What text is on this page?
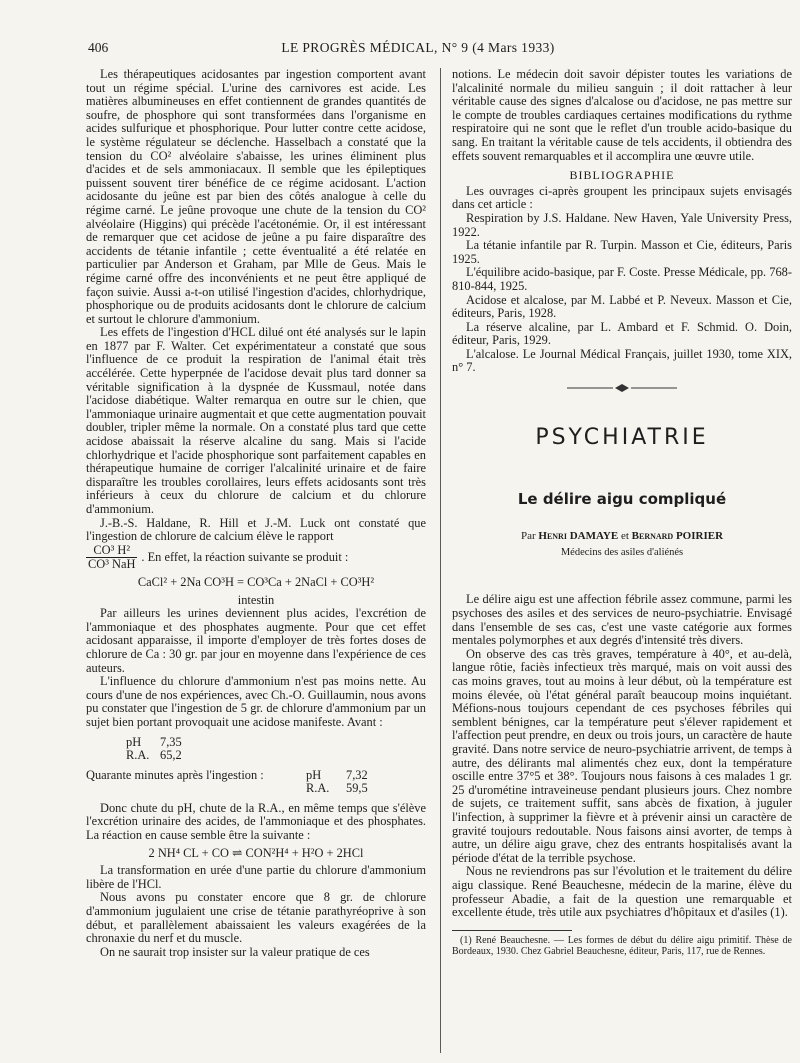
406	LE PROGRÈS MÉDICAL, N° 9 (4 Mars 1933)

Les thérapeutiques acidosantes par ingestion comportent avant tout un régime spécial. L'urine des carnivores est acide. Les matières albumineuses en effet contiennent de grandes quantités de soufre, de phosphore qui sont transformées dans l'organisme en acides sulfurique et phosphorique. Pour lutter contre cette acidose, le système régulateur se déclenche. Hasselbach a constaté que la tension du CO² alvéolaire s'abaisse, les urines éliminent plus d'acides et de sels ammoniacaux. Il semble que les épileptiques puissent souvent tirer bénéfice de ce régime acidosant. L'action acidosante du jeûne est par bien des côtés analogue à celle du régime carné. Le jeûne provoque une chute de la tension du CO² alvéolaire (Higgins) qui précède l'acétonémie. Or, il est intéressant de remarquer que cet acidose de jeûne a pu faire disparaître des accidents de tétanie infantile ; cette éventualité a été relatée en particulier par Anderson et Graham, par Mlle de Geus. Mais le régime carné offre des inconvénients et ne peut être appliqué de façon suivie. Aussi a-t-on utilisé l'ingestion d'acides, chlorhydrique, phosphorique ou de produits acidosants dont le chlorure de calcium et surtout le chlorure d'ammonium.

Les effets de l'ingestion d'HCL dilué ont été analysés sur le lapin en 1877 par F. Walter. Cet expérimentateur a constaté que sous l'influence de ce produit la respiration de l'animal était très accélérée. Cette hyperpnée de l'acidose devait plus tard donner sa véritable signification à la dyspnée de Kussmaul, notée dans l'acidose diabétique. Walter remarqua en outre sur le chien, que l'ammoniaque urinaire augmentait et que cette augmentation pouvait doubler, tripler même la normale. On a constaté plus tard que cette acidose abaissait la réserve alcaline du sang. Mais si l'acide chlorhydrique et l'acide phosphorique sont parfaitement capables en thérapeutique humaine de corriger l'alcalinité urinaire et de faire disparaître les troubles corollaires, leurs effets acidosants sont très inférieurs à ceux du chlorure de calcium et du chlorure d'ammonium.

J.-B.-S. Haldane, R. Hill et J.-M. Luck ont constaté que l'ingestion de chlorure de calcium élève le rapport

$\frac{\text{CO³ H²}}{\text{CO³ NaH}}$ . En effet, la réaction suivante se produit :

CaCl² + 2Na CO³H = CO³Ca + 2NaCl + CO³H²

intestin

Par ailleurs les urines deviennent plus acides, l'excrétion de l'ammoniaque et des phosphates augmente. Pour que cet effet acidosant apparaisse, il importe d'employer de très fortes doses de chlorure de Ca : 30 gr. par jour en moyenne dans l'expérience de ces auteurs.

L'influence du chlorure d'ammonium n'est pas moins nette. Au cours d'une de nos expériences, avec Ch.-O. Guillaumin, nous avons pu constater que l'ingestion de 5 gr. de chlorure d'ammonium par un sujet bien portant provoquait une acidose manifeste. Avant :

pH	7,35
R.A. 65,2
Quarante minutes après l'ingestion :	pH	7,32
R.A.	59,5

Donc chute du pH, chute de la R.A., en même temps que s'élève l'excrétion urinaire des acides, de l'ammoniaque et des phosphates. La réaction en cause semble être la suivante :

2 NH⁴ CL + CO ⇌ CON²H⁴ + H²O + 2HCl

La transformation en urée d'une partie du chlorure d'ammonium libère de l'HCl.

Nous avons pu constater encore que 8 gr. de chlorure d'ammonium jugulaient une crise de tétanie parathyréoprive à son début, et parallèlement abaissaient les valeurs exagérées de la chronaxie du nerf et du muscle.

On ne saurait trop insister sur la valeur pratique de ces

notions. Le médecin doit savoir dépister toutes les variations de l'alcalinité normale du milieu sanguin ; il doit rattacher à leur véritable cause des signes d'alcalose ou d'acidose, ne pas mettre sur le compte de troubles cardiaques certaines modifications du rythme respiratoire qui ne sont que le reflet d'un trouble acido-basique du sang. En traitant la véritable cause de tels accidents, il obtiendra des effets souvent remarquables et il accomplira une œuvre utile.

BIBLIOGRAPHIE

Les ouvrages ci-après groupent les principaux sujets envisagés dans cet article :

Respiration by J.S. Haldane. New Haven, Yale University Press, 1922.

La tétanie infantile par R. Turpin. Masson et Cie, éditeurs, Paris 1925.

L'équilibre acido-basique, par F. Coste. Presse Médicale, pp. 768-810-844, 1925.

Acidose et alcalose, par M. Labbé et P. Neveux. Masson et Cie, éditeurs, Paris, 1928.

La réserve alcaline, par L. Ambard et F. Schmid. O. Doin, éditeur, Paris, 1929.

L'alcalose. Le Journal Médical Français, juillet 1930, tome XIX, n° 7.

PSYCHIATRIE
Le délire aigu compliqué
Par Henri DAMAYE et Bernard POIRIER
Médecins des asiles d'aliénés

Le délire aigu est une affection fébrile assez commune, parmi les psychoses des asiles et des services de neuro-psychiatrie. Envisagé dans l'ensemble de ses cas, c'est une vaste catégorie aux formes mentales polymorphes et aux degrés d'intensité très divers.

On observe des cas très graves, température à 40°, et au-delà, langue rôtie, faciès infectieux très marqué, mais on voit aussi des cas moins graves, tout au moins à leur début, où la température est moins élevée, où l'état général paraît beaucoup moins inquiétant. Méfions-nous toujours cependant de ces psychoses fébriles qui semblent bénignes, car la température peut s'élever rapidement et l'affection peut prendre, en deux ou trois jours, un caractère de haute gravité. Dans notre service de neuro-psychiatrie arrivent, de temps à autre, des délirants mal alimentés chez eux, dont la température oscille entre 37°5 et 38°. Toujours nous faisons à ces malades 1 gr. 25 d'urométine intraveineuse pendant plusieurs jours. Chez nombre de sujets, ce traitement suffit, sans abcès de fixation, à juguler l'infection, à supprimer la fièvre et à prévenir ainsi un caractère de gravité toujours redoutable. Nous faisons ainsi avorter, de temps à autre, un délire aigu grave, chez des entrants hospitalisés avant la période d'état de la terrible psychose.

Nous ne reviendrons pas sur l'évolution et le traitement du délire aigu classique. René Beauchesne, médecin de la marine, élève du professeur Abadie, a fait de la question une remarquable et excellente étude, très utile aux psychiatres d'hôpitaux et d'asiles (1).

(1) René Beauchesne. — Les formes de début du délire aigu primitif. Thèse de Bordeaux, 1930. Chez Gabriel Beauchesne, éditeur, Paris, 117, rue de Rennes.
